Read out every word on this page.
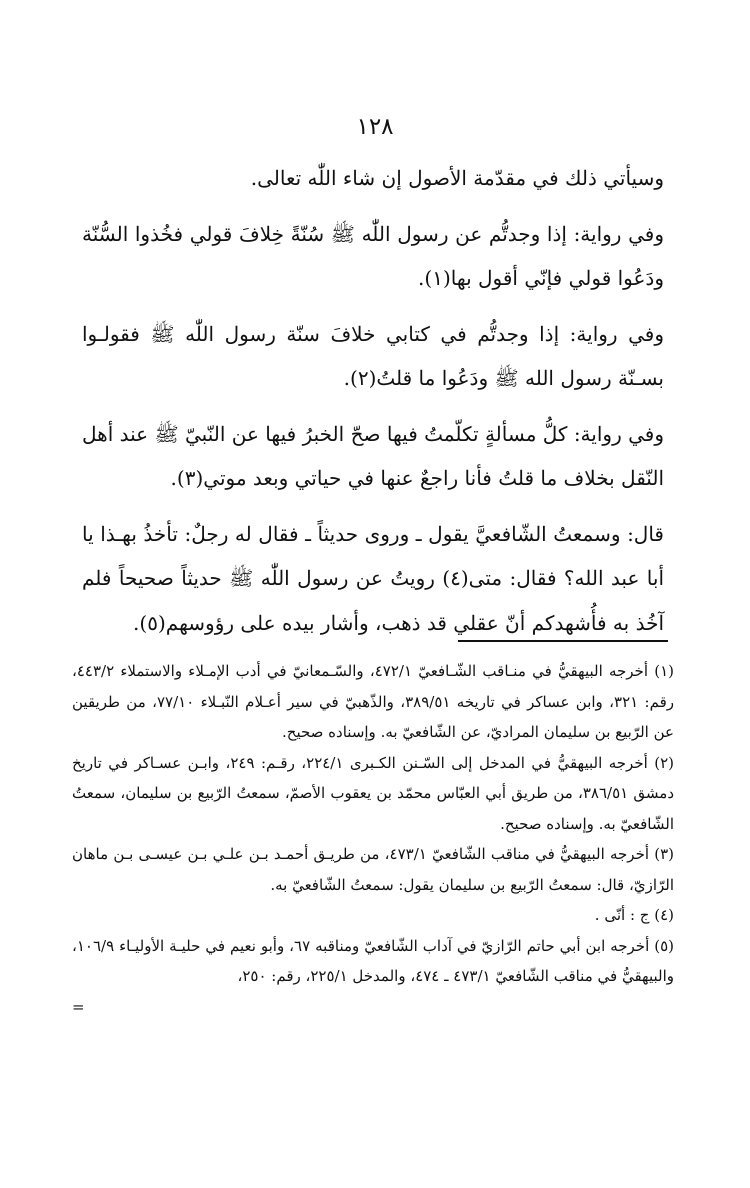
١٢٨

وسيأتي ذلك في مقدّمة الأصول إن شاء اللّٰه تعالى.

وفي رواية: إذا وجدتُّم عن رسول اللّٰه ﷺ سُنّةً خِلافَ قولي فخُذوا السُّنّة ودَعُوا قولي فإنّي أقول بها(١).

وفي رواية: إذا وجدتُّم في كتابي خلافَ سنّة رسول اللّٰه ﷺ فقولـوا بسـنّة رسول الله ﷺ ودَعُوا ما قلتُ(٢).

وفي رواية: كلُّ مسألةٍ تكلّمتُ فيها صحّ الخبرُ فيها عن النّبيّ ﷺ عند أهل النّقل بخلاف ما قلتُ فأنا راجعٌ عنها في حياتي وبعد موتي(٣).

قال: وسمعتُ الشّافعيَّ يقول ـ وروى حديثاً ـ فقال له رجلٌ: تأخذُ بهـذا يا أبا عبد الله؟ فقال: متى(٤) رويتُ عن رسول اللّٰه ﷺ حديثاً صحيحاً فلم آخُذ به فأُشهدكم أنّ عقلي قد ذهب، وأشار بيده على رؤوسهم(٥).

(١) أخرجه البيهقيُّ في منـاقب الشّـافعيّ ٤٧٢/١، والسّـمعانيّ في أدب الإمـلاء والاستملاء ٤٤٣/٢، رقم: ٣٢١، وابن عساكر في تاريخه ٣٨٩/٥١، والذّهبيّ في سير أعـلام النّبـلاء ٧٧/١٠، من طريقين عن الرّبيع بن سليمان المراديّ، عن الشّافعيّ به. وإسناده صحيح.

(٢) أخرجه البيهقيُّ في المدخل إلى السّـنن الكـبرى ٢٢٤/١، رقـم: ٢٤٩، وابـن عسـاكر في تاريخ دمشق ٣٨٦/٥١، من طريق أبي العبّاس محمّد بن يعقوب الأصمّ، سمعتُ الرّبيع بن سليمان، سمعتُ الشّافعيّ به. وإسناده صحيح.

(٣) أخرجه البيهقيُّ في مناقب الشّافعيّ ٤٧٣/١، من طريـق أحمـد بـن علـي بـن عيسـى بـن ماهان الرّازيّ، قال: سمعتُ الرّبيع بن سليمان يقول: سمعتُ الشّافعيّ به.

(٤) ج : أنّى .

(٥) أخرجه ابن أبي حاتم الرّازيّ في آداب الشّافعيّ ومناقبه ٦٧، وأبو نعيم في حليـة الأوليـاء ١٠٦/٩، والبيهقيُّ في مناقب الشّافعيّ ٤٧٣/١ ـ ٤٧٤، والمدخل ٢٢٥/١، رقم: ٢٥٠،

=
